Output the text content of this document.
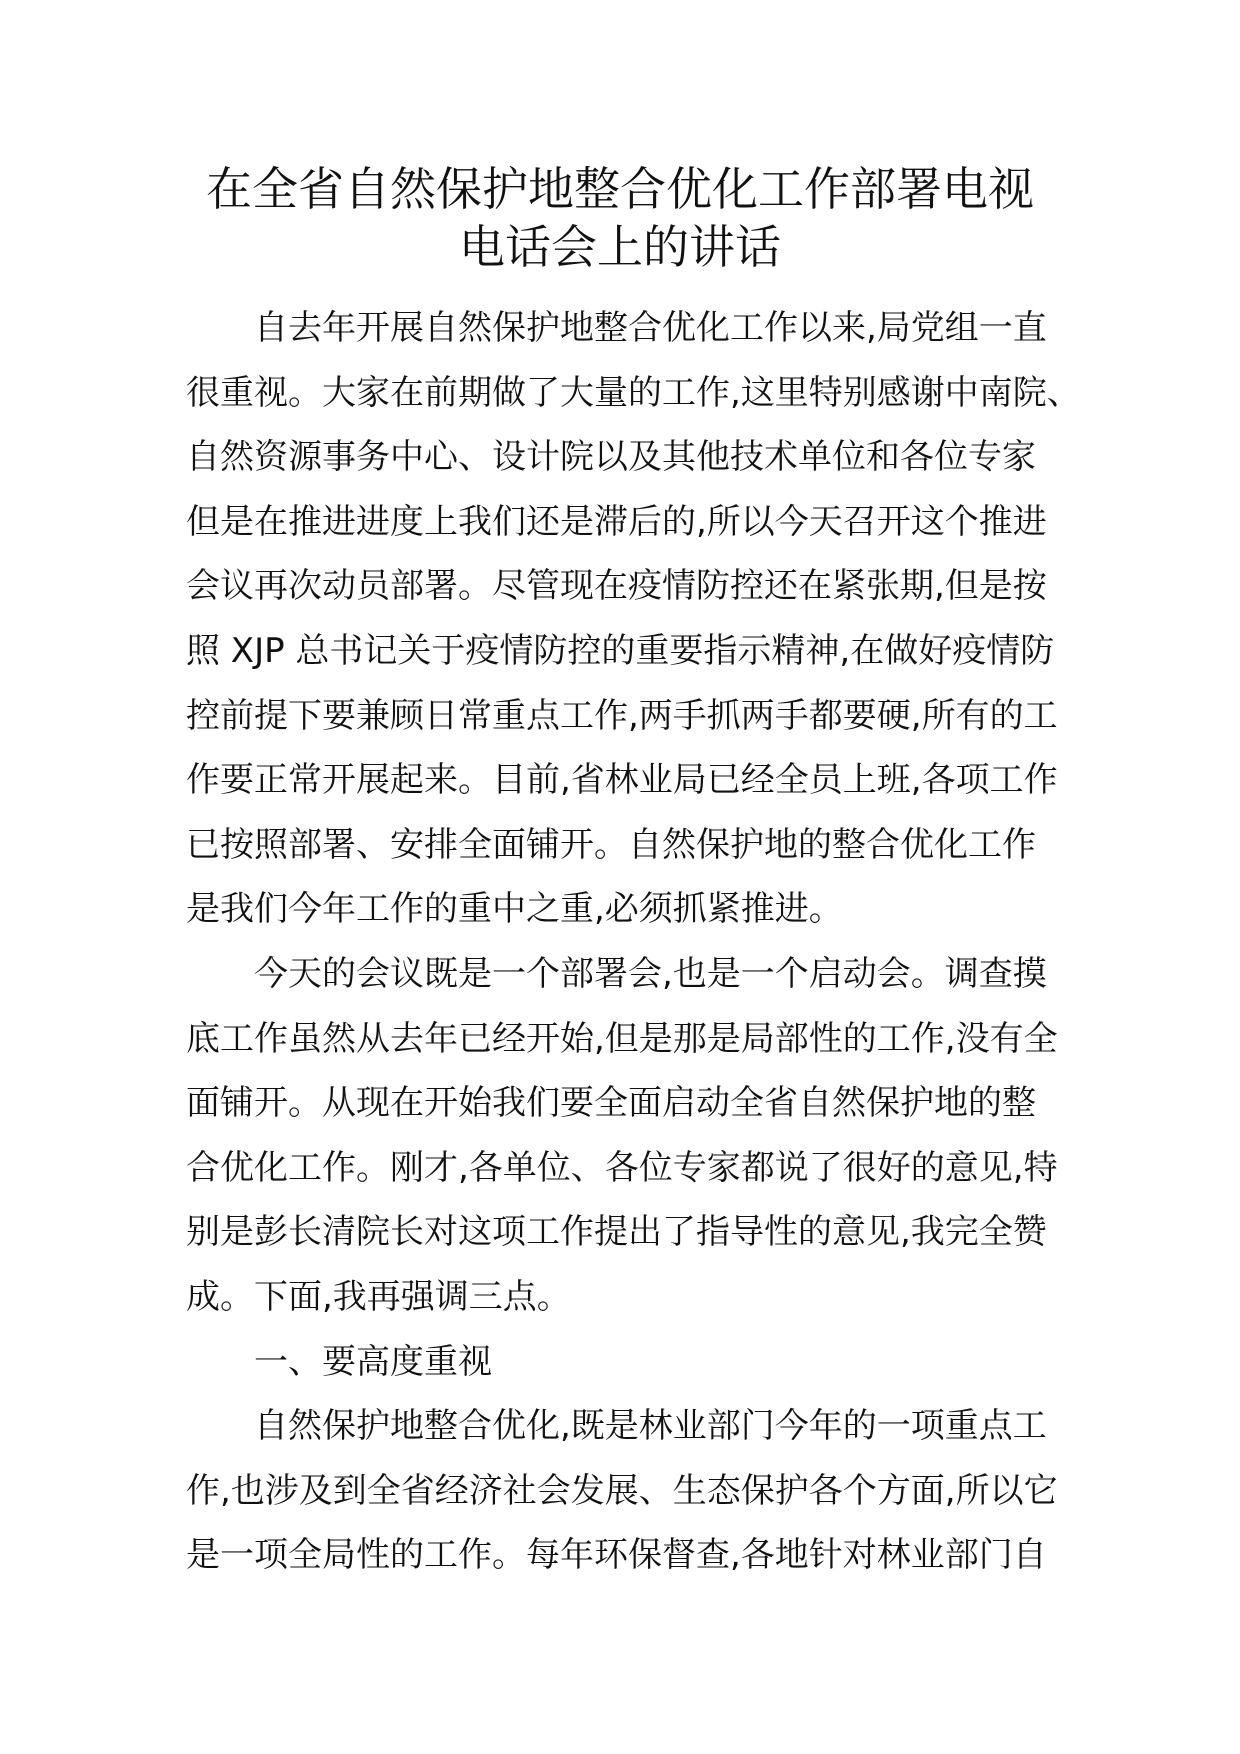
在全省自然保护地整合优化工作部署电视
电话会上的讲话
自去年开展自然保护地整合优化工作以来,局党组一直
很重视。大家在前期做了大量的工作,这里特别感谢中南院、
自然资源事务中心、设计院以及其他技术单位和各位专家
但是在推进进度上我们还是滞后的,所以今天召开这个推进
会议再次动员部署。尽管现在疫情防控还在紧张期,但是按
照 XJP 总书记关于疫情防控的重要指示精神,在做好疫情防
控前提下要兼顾日常重点工作,两手抓两手都要硬,所有的工
作要正常开展起来。目前,省林业局已经全员上班,各项工作
已按照部署、安排全面铺开。自然保护地的整合优化工作
是我们今年工作的重中之重,必须抓紧推进。
今天的会议既是一个部署会,也是一个启动会。调查摸
底工作虽然从去年已经开始,但是那是局部性的工作,没有全
面铺开。从现在开始我们要全面启动全省自然保护地的整
合优化工作。刚才,各单位、各位专家都说了很好的意见,特
别是彭长清院长对这项工作提出了指导性的意见,我完全赞
成。下面,我再强调三点。
一、要高度重视
自然保护地整合优化,既是林业部门今年的一项重点工
作,也涉及到全省经济社会发展、生态保护各个方面,所以它
是一项全局性的工作。每年环保督查,各地针对林业部门自
